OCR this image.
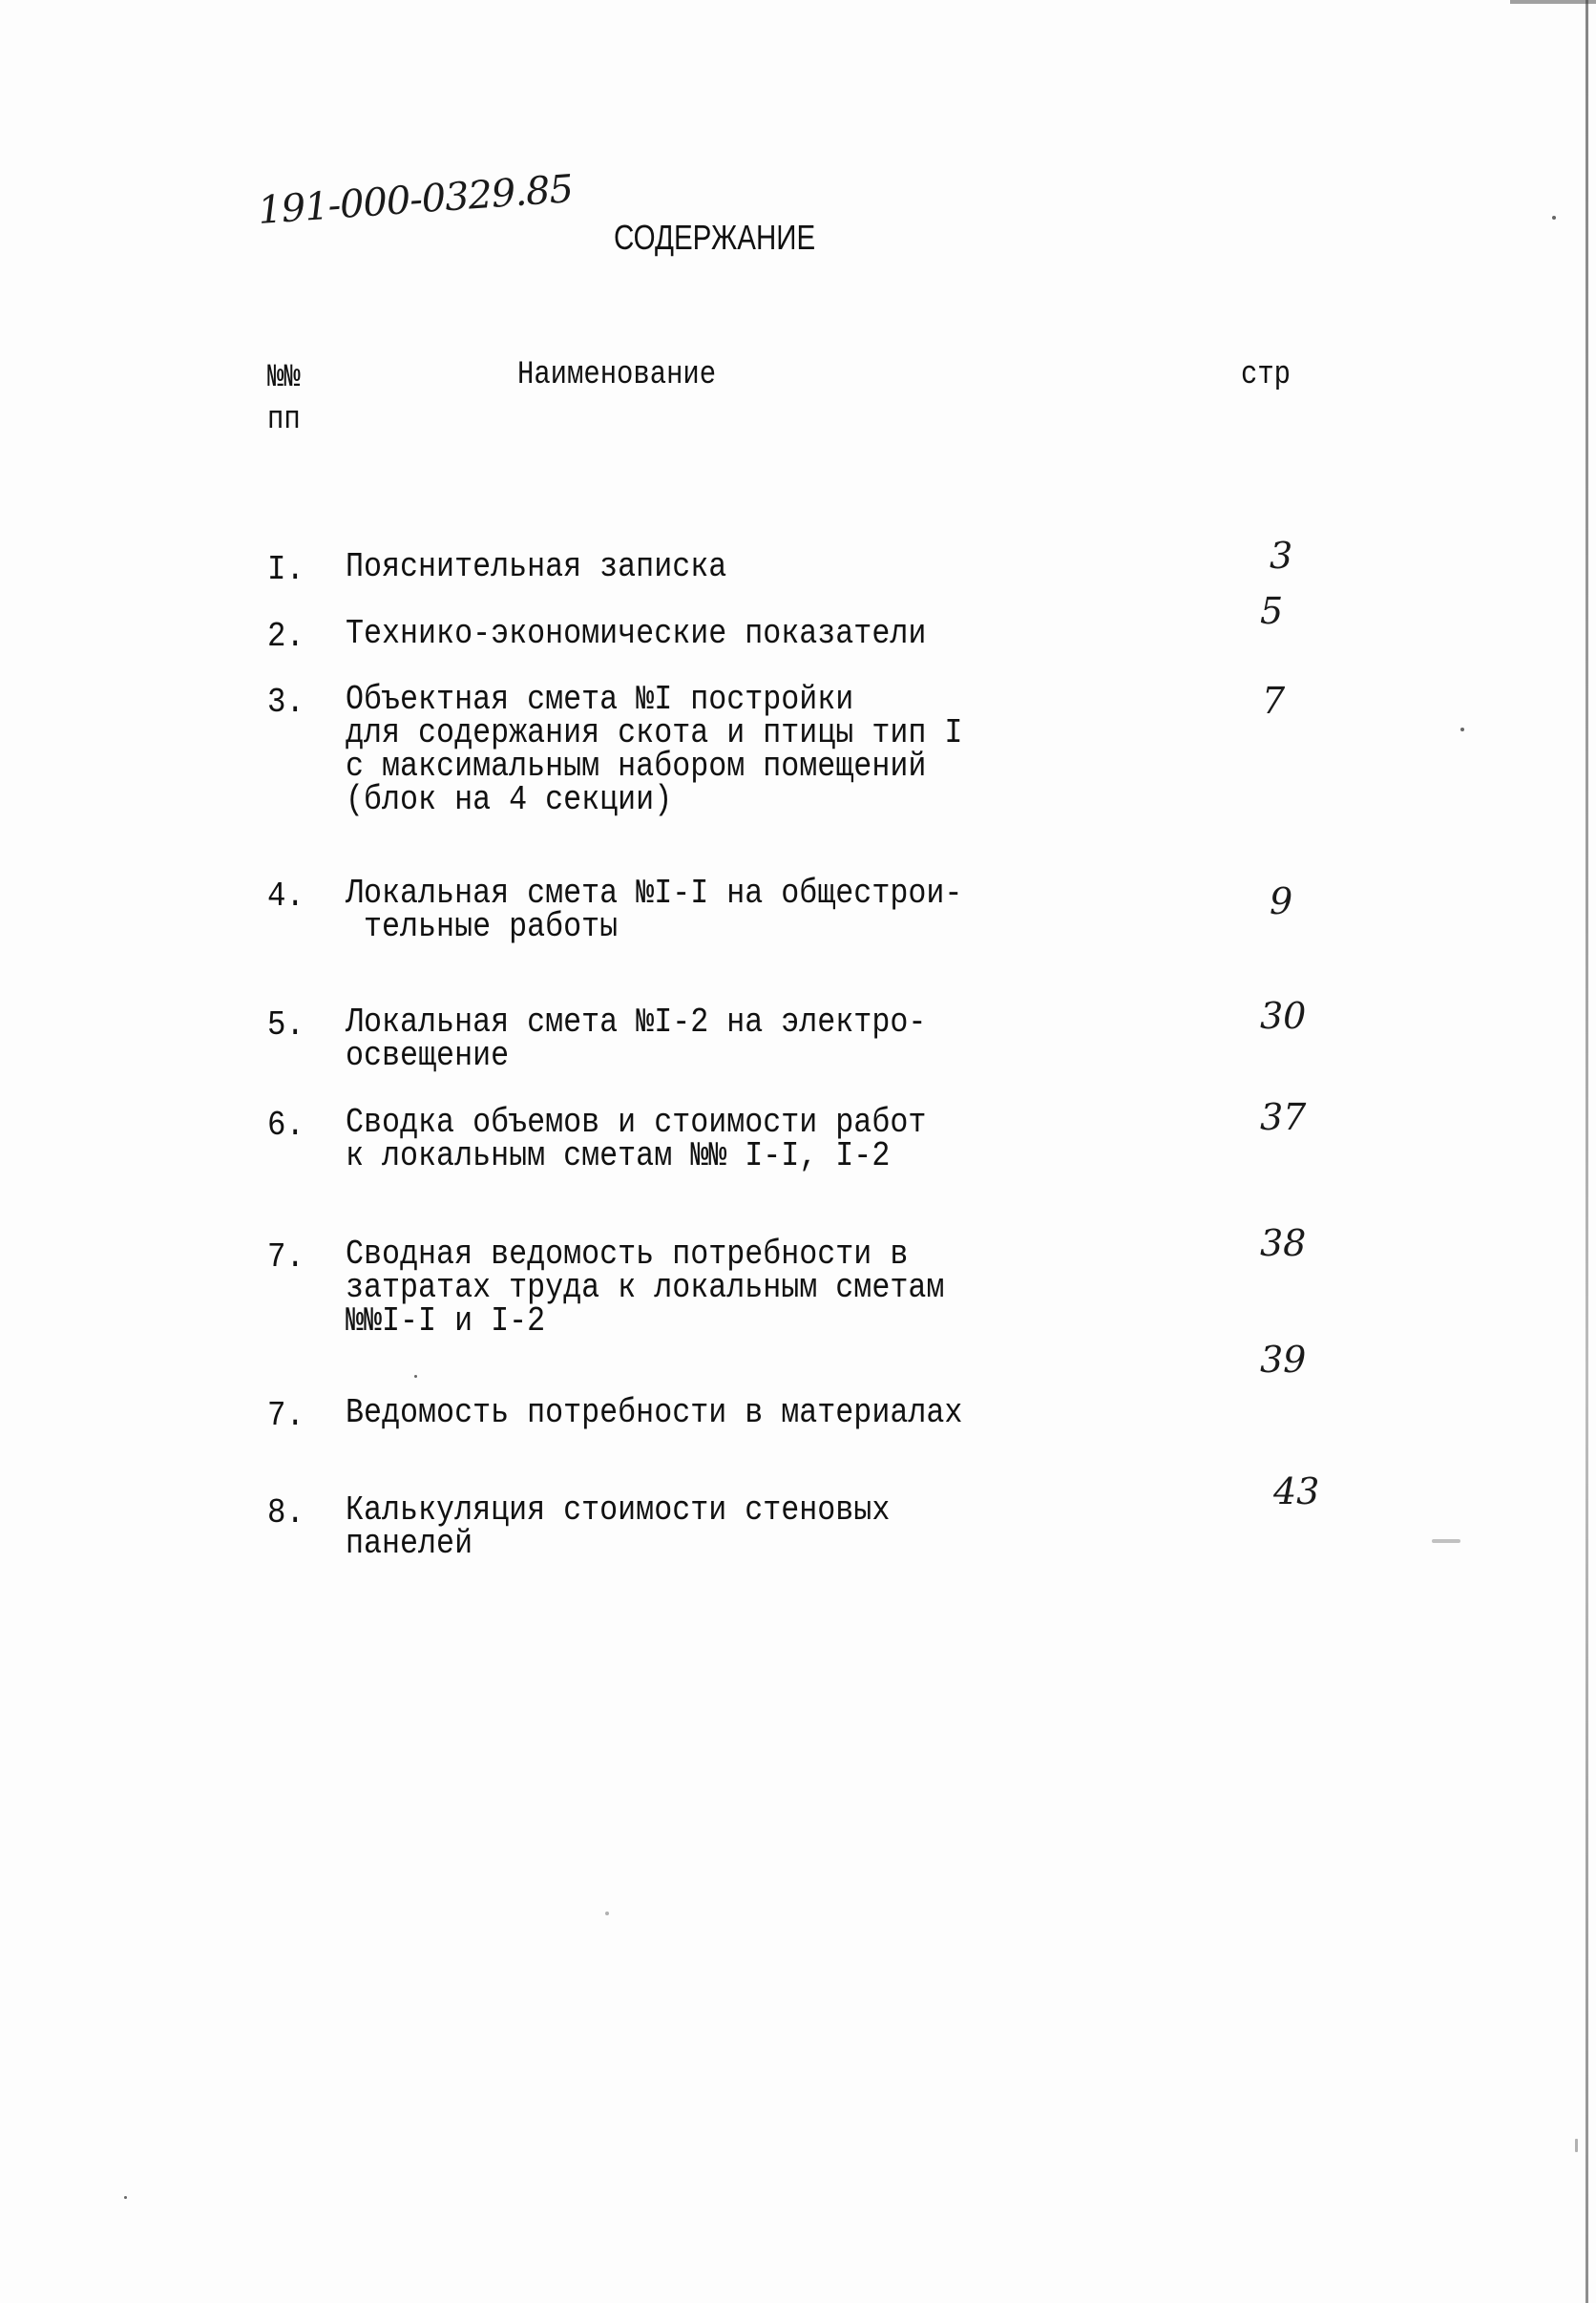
191-000-0329.85
СОДЕРЖАНИЕ
№№
пп
Наименование	стр
I. Пояснительная записка	3
2. Технико-экономические показатели
5
3. Объектная смета №I постройки
для содержания скота и птицы тип I
с максимальным набором помещений
(блок на 4 секции)
7
4. Локальная смета №I-I на общестрои-
тельные работы
9
5. Локальная смета №I-2 на электро-
освещение
30
6. Сводка объемов и стоимости работ
к локальным сметам №№ I-I, I-2
37
7. Сводная ведомость потребности в
затратах труда к локальным сметам
№№I-I и I-2
38
7. Ведомость потребности в материалах
39
8. Калькуляция стоимости стеновых
панелей
43
